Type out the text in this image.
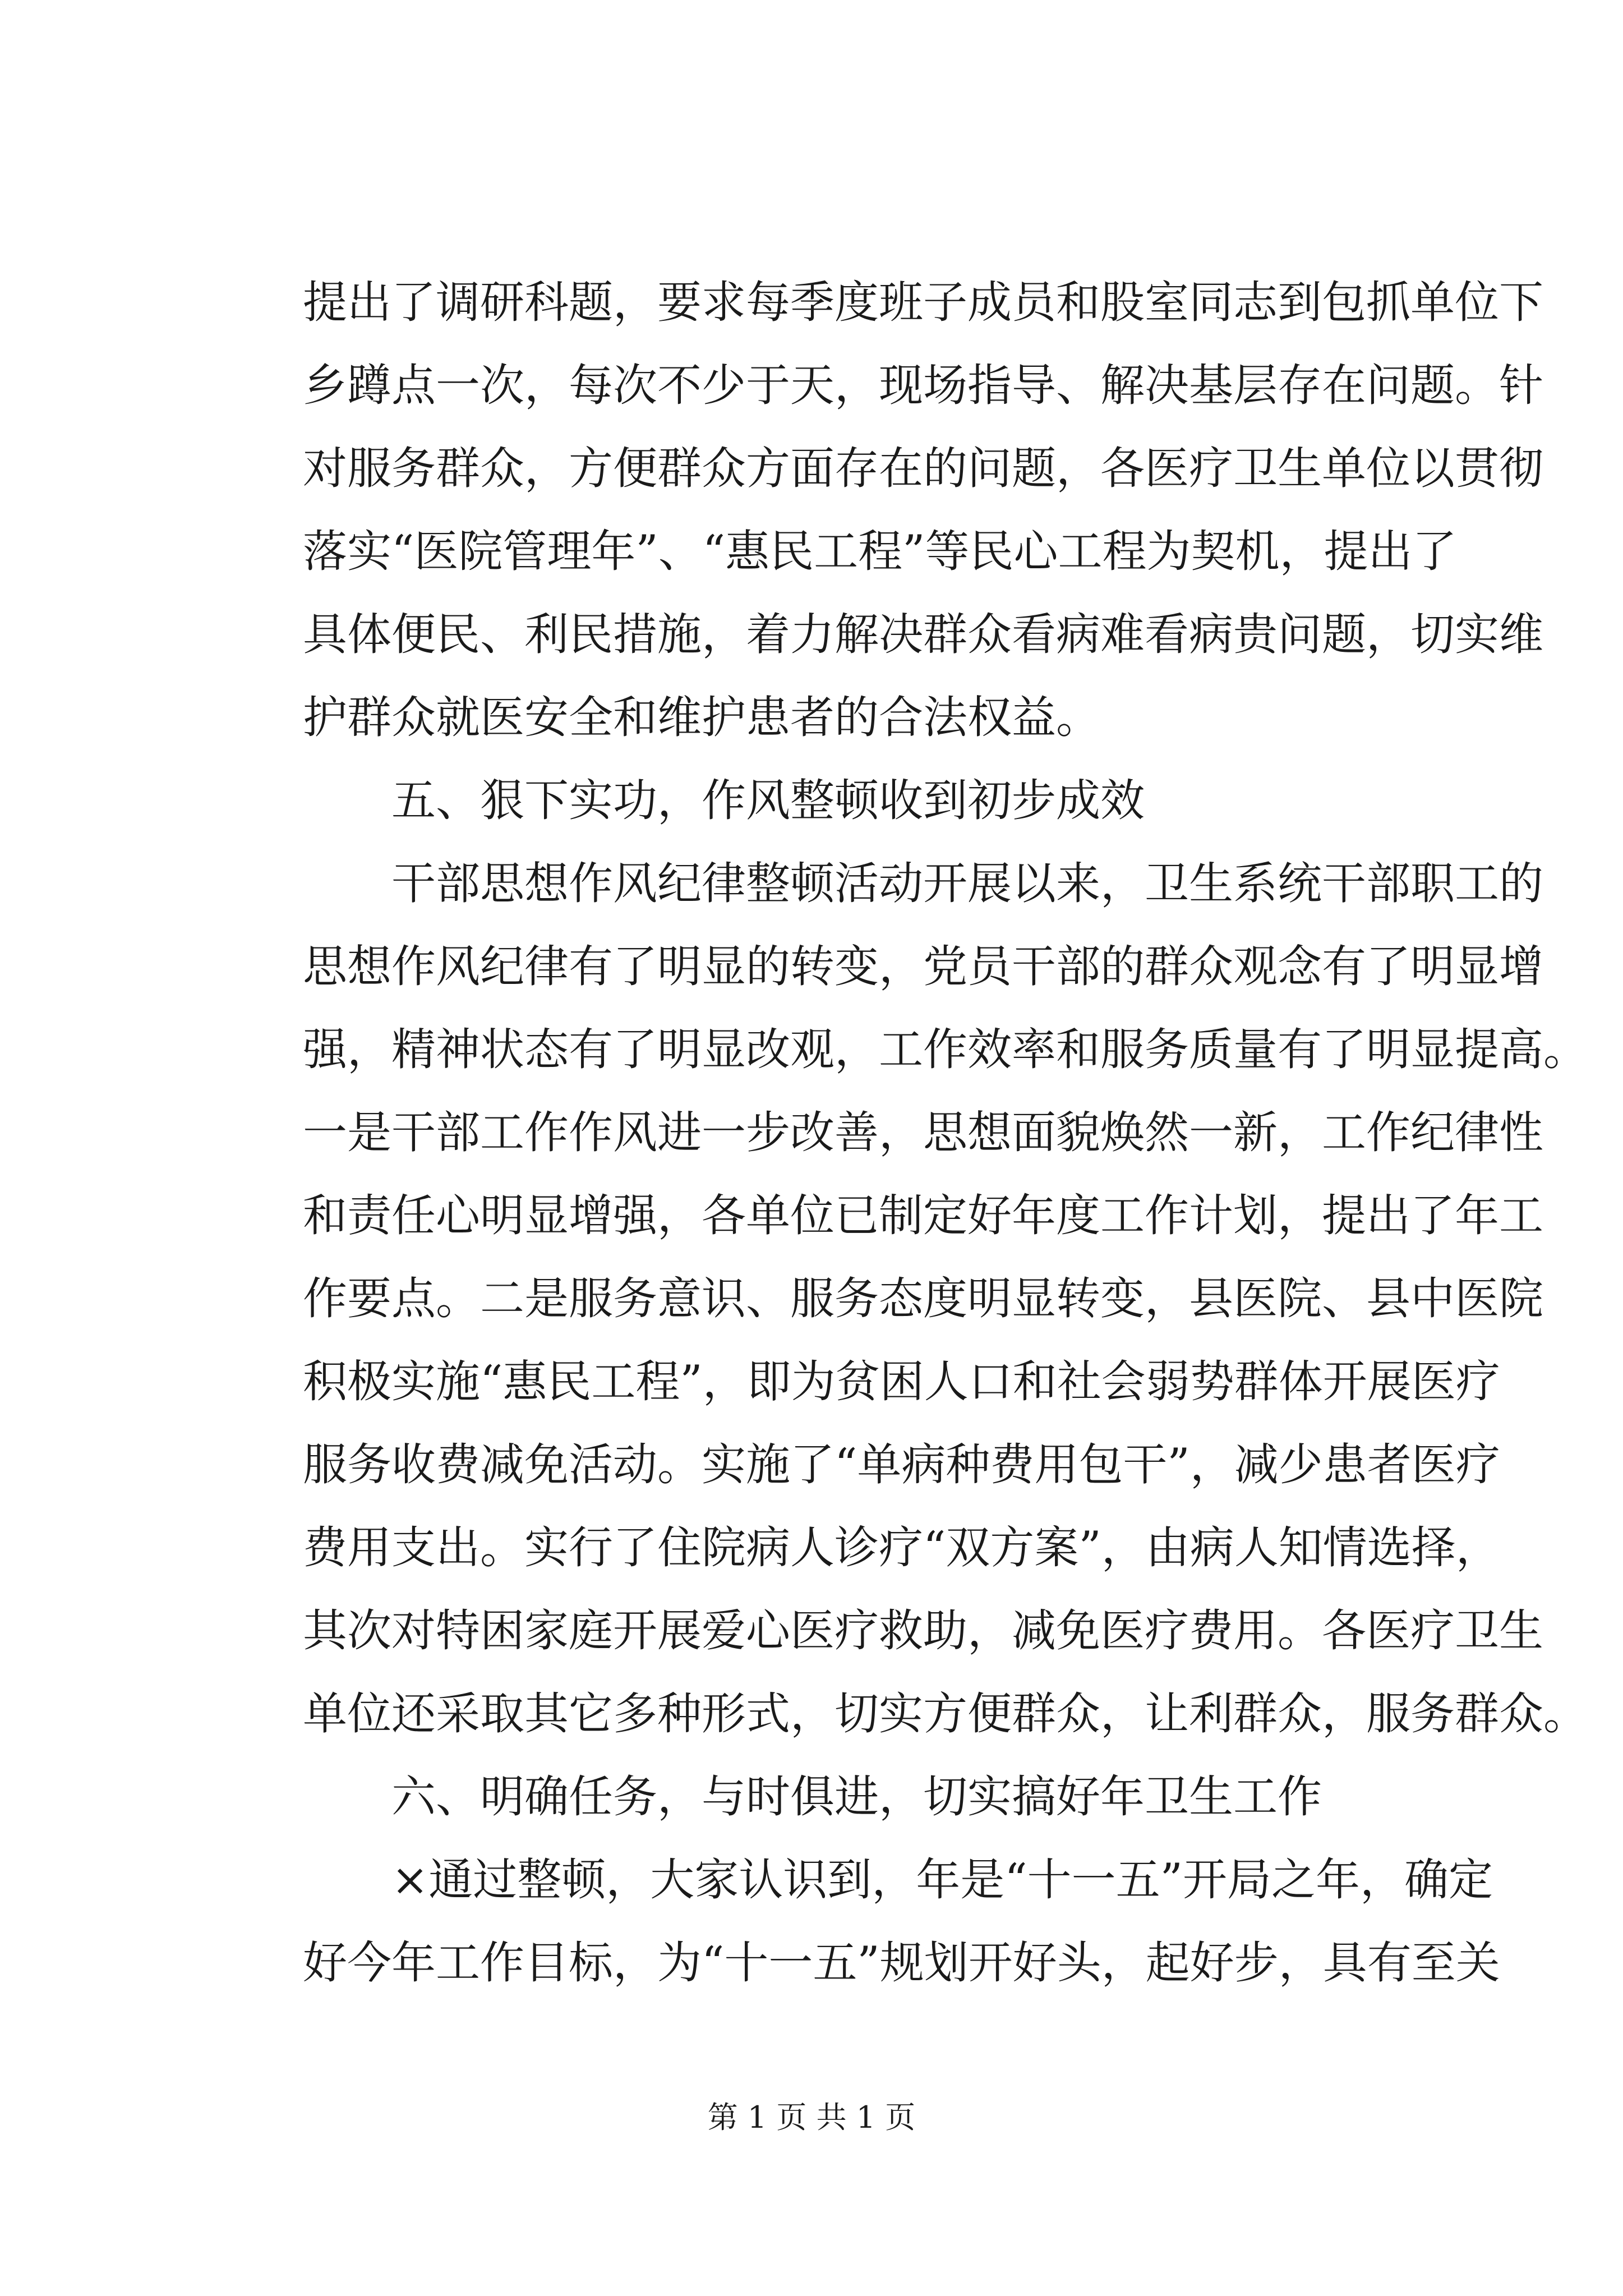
提出了调研科题，要求每季度班子成员和股室同志到包抓单位下
乡蹲点一次，每次不少于天，现场指导、解决基层存在问题。针
对服务群众，方便群众方面存在的问题，各医疗卫生单位以贯彻
落实“医院管理年”、“惠民工程”等民心工程为契机，提出了
具体便民、利民措施，着力解决群众看病难看病贵问题，切实维
护群众就医安全和维护患者的合法权益。
五、狠下实功，作风整顿收到初步成效
干部思想作风纪律整顿活动开展以来，卫生系统干部职工的
思想作风纪律有了明显的转变，党员干部的群众观念有了明显增
强，精神状态有了明显改观，工作效率和服务质量有了明显提高。
一是干部工作作风进一步改善，思想面貌焕然一新，工作纪律性
和责任心明显增强，各单位已制定好年度工作计划，提出了年工
作要点。二是服务意识、服务态度明显转变，县医院、县中医院
积极实施“惠民工程”，即为贫困人口和社会弱势群体开展医疗
服务收费减免活动。实施了“单病种费用包干”，减少患者医疗
费用支出。实行了住院病人诊疗“双方案”，由病人知情选择，
其次对特困家庭开展爱心医疗救助，减免医疗费用。各医疗卫生
单位还采取其它多种形式，切实方便群众，让利群众，服务群众。
六、明确任务，与时俱进，切实搞好年卫生工作
×通过整顿，大家认识到，年是“十一五”开局之年，确定
好今年工作目标，为“十一五”规划开好头，起好步，具有至关
第 1 页 共 1 页
